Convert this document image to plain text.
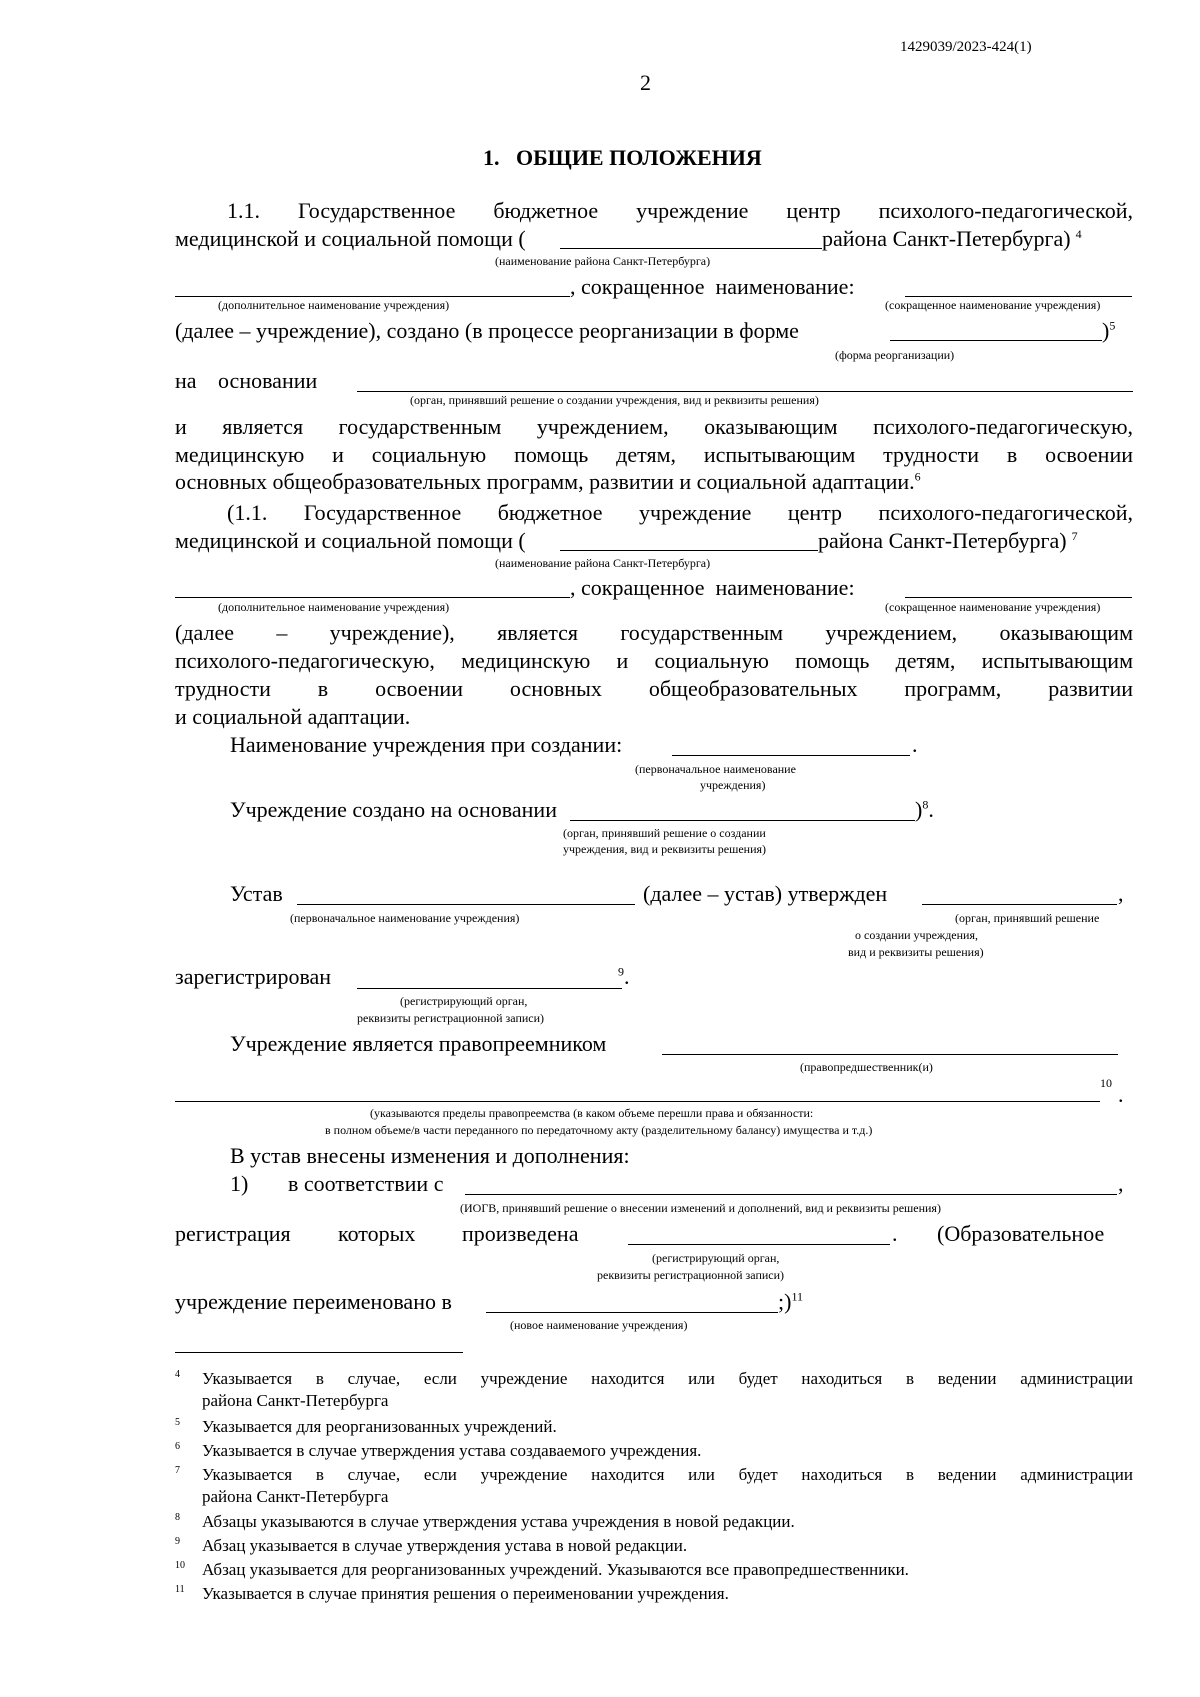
1429039/2023-424(1)
2
1.   ОБЩИЕ ПОЛОЖЕНИЯ
1.1.  Государственное  бюджетное  учреждение  центр  психолого-педагогической,
медицинской и социальной помощи (	района Санкт-Петербурга) $^4$
(наименование района Санкт-Петербурга)
, сокращенное  наименование:
(дополнительное наименование учреждения)	(сокращенное наименование учреждения)
(далее – учреждение), создано (в процессе реорганизации в форме	)$^5$
(форма реорганизации)
на основании
(орган, принявший решение о создании учреждения, вид и реквизиты решения)
и  является  государственным  учреждением,  оказывающим  психолого-педагогическую,
медицинскую  и  социальную  помощь  детям,  испытывающим  трудности  в  освоении
основных общеобразовательных программ, развитии и социальной адаптации.$^6$
(1.1.  Государственное  бюджетное  учреждение  центр  психолого-педагогической,
медицинской и социальной помощи (	района Санкт-Петербурга) $^7$
(наименование района Санкт-Петербурга)
, сокращенное  наименование:
(дополнительное наименование учреждения)	(сокращенное наименование учреждения)
(далее   –   учреждение),   является   государственным   учреждением,   оказывающим
психолого-педагогическую, медицинскую и социальную помощь детям, испытывающим
трудности    в    освоении    основных    общеобразовательных    программ,    развитии
и социальной адаптации.
Наименование учреждения при создании:	.
(первоначальное наименование
учреждения)
Учреждение создано на основании	)$^8$.
(орган, принявший решение о создании
учреждения, вид и реквизиты решения)
Устав	(далее – устав) утвержден	,
(первоначальное наименование учреждения)	(орган, принявший решение
о создании учреждения,
вид и реквизиты решения)
зарегистрирован	$^9$.
(регистрирующий орган,
реквизиты регистрационной записи)
Учреждение является правопреемником
(правопредшественник(и)
10 .
(указываются пределы правопреемства (в каком объеме перешли права и обязанности:
в полном объеме/в части переданного по передаточному акту (разделительному балансу) имущества и т.д.)
В устав внесены изменения и дополнения:
1) в соответствии с	,
(ИОГВ, принявший решение о внесении изменений и дополнений, вид и реквизиты решения)
регистрация которых произведена	. (Образовательное
(регистрирующий орган,
реквизиты регистрационной записи)
учреждение переименовано в	;)$^{11}$
(новое наименование учреждения)
4 Указывается  в  случае,  если  учреждение  находится  или  будет  находиться  в  ведении  администрации
района Санкт-Петербурга
5 Указывается для реорганизованных учреждений.
6 Указывается в случае утверждения устава создаваемого учреждения.
7 Указывается  в  случае,  если  учреждение  находится  или  будет  находиться  в  ведении  администрации
района Санкт-Петербурга
8 Абзацы указываются в случае утверждения устава учреждения в новой редакции.
9 Абзац указывается в случае утверждения устава в новой редакции.
10 Абзац указывается для реорганизованных учреждений. Указываются все правопредшественники.
11 Указывается в случае принятия решения о переименовании учреждения.
